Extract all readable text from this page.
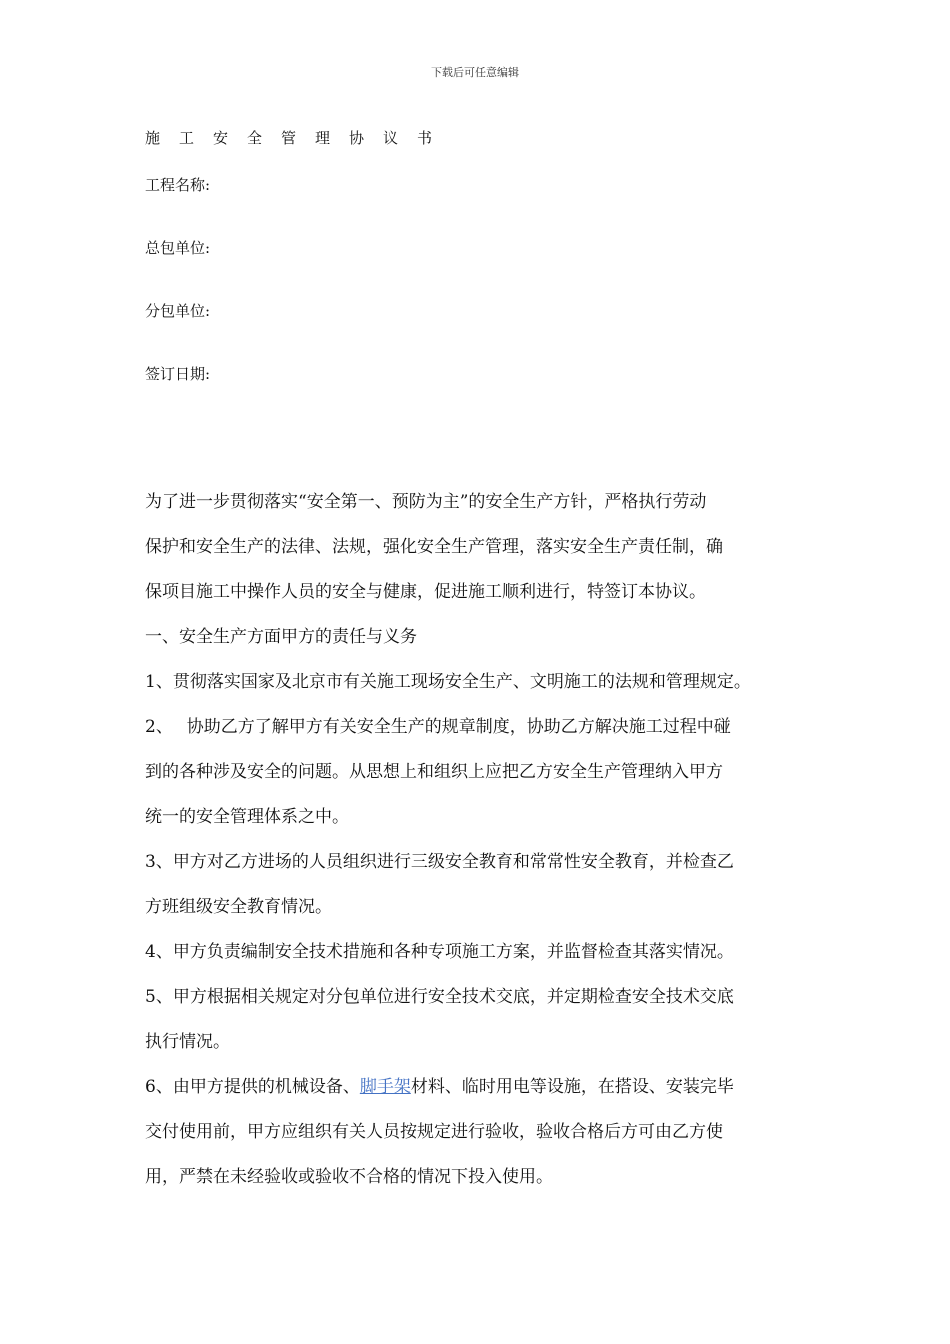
下载后可任意编辑
施工安全管理协议书
工程名称:
总包单位:
分包单位:
签订日期:
为了进一步贯彻落实“安全第一、预防为主”的安全生产方针，严格执行劳动
保护和安全生产的法律、法规，强化安全生产管理，落实安全生产责任制，确
保项目施工中操作人员的安全与健康，促进施工顺利进行，特签订本协议。
一、安全生产方面甲方的责任与义务
1、贯彻落实国家及北京市有关施工现场安全生产、文明施工的法规和管理规定。
2、　 协助乙方了解甲方有关安全生产的规章制度，协助乙方解决施工过程中碰
到的各种涉及安全的问题。从思想上和组织上应把乙方安全生产管理纳入甲方
统一的安全管理体系之中。
3、甲方对乙方进场的人员组织进行三级安全教育和常常性安全教育，并检查乙
方班组级安全教育情况。
4、甲方负责编制安全技术措施和各种专项施工方案，并监督检查其落实情况。
5、甲方根据相关规定对分包单位进行安全技术交底，并定期检查安全技术交底
执行情况。
6、由甲方提供的机械设备、脚手架材料、临时用电等设施，在搭设、安装完毕
交付使用前，甲方应组织有关人员按规定进行验收，验收合格后方可由乙方使
用，严禁在未经验收或验收不合格的情况下投入使用。
